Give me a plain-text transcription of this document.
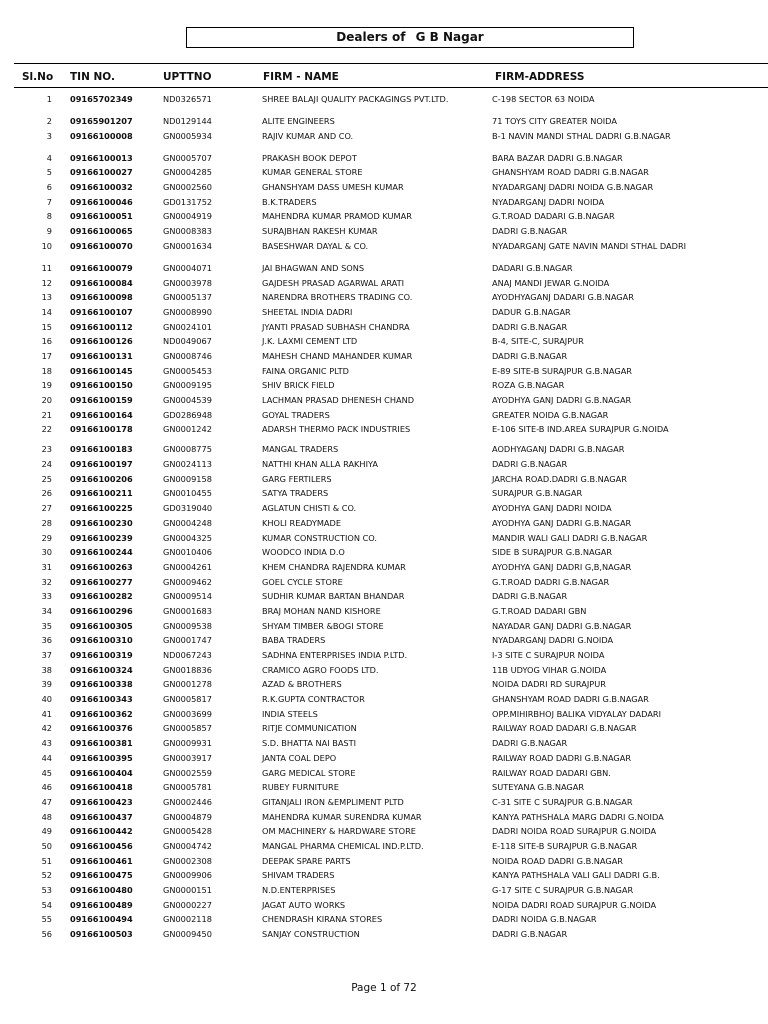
Dealers of G B Nagar
Sl.No TIN NO.	UPTTNO	FIRM - NAME	FIRM-ADDRESS
1 09165702349	ND0326571	SHREE BALAJI QUALITY PACKAGINGS PVT.LTD.	C-198 SECTOR 63 NOIDA
2 09165901207	ND0129144	ALITE ENGINEERS	71 TOYS CITY GREATER NOIDA
3 09166100008	GN0005934	RAJIV KUMAR AND CO.	B-1 NAVIN MANDI STHAL DADRI G.B.NAGAR
4 09166100013	GN0005707	PRAKASH BOOK DEPOT	BARA BAZAR DADRI G.B.NAGAR
5 09166100027	GN0004285	KUMAR GENERAL STORE	GHANSHYAM ROAD DADRI G.B.NAGAR
6 09166100032	GN0002560	GHANSHYAM DASS UMESH KUMAR	NYADARGANJ DADRI NOIDA G.B.NAGAR
7 09166100046	GD0131752	B.K.TRADERS	NYADARGANJ DADRI NOIDA
8 09166100051	GN0004919	MAHENDRA KUMAR PRAMOD KUMAR	G.T.ROAD DADARI G.B.NAGAR
9 09166100065	GN0008383	SURAJBHAN RAKESH KUMAR	DADRI G.B.NAGAR
10 09166100070	GN0001634	BASESHWAR DAYAL & CO.	NYADARGANJ GATE NAVIN MANDI STHAL DADRI
11 09166100079	GN0004071	JAI BHAGWAN AND SONS	DADARI G.B.NAGAR
12 09166100084	GN0003978	GAJDESH PRASAD AGARWAL ARATI	ANAJ MANDI JEWAR G.NOIDA
13 09166100098	GN0005137	NARENDRA BROTHERS TRADING CO.	AYODHYAGANJ DADARI G.B.NAGAR
14 09166100107	GN0008990	SHEETAL INDIA DADRI	DADUR G.B.NAGAR
15 09166100112	GN0024101	JYANTI PRASAD SUBHASH CHANDRA	DADRI G.B.NAGAR
16 09166100126	ND0049067	J.K. LAXMI CEMENT LTD	B-4, SITE-C, SURAJPUR
17 09166100131	GN0008746	MAHESH CHAND MAHANDER KUMAR	DADRI G.B.NAGAR
18 09166100145	GN0005453	FAINA ORGANIC PLTD	E-89 SITE-B SURAJPUR G.B.NAGAR
19 09166100150	GN0009195	SHIV BRICK FIELD	ROZA G.B.NAGAR
20 09166100159	GN0004539	LACHMAN PRASAD DHENESH CHAND	AYODHYA GANJ DADRI G.B.NAGAR
21 09166100164	GD0286948	GOYAL TRADERS	GREATER NOIDA G.B.NAGAR
22 09166100178	GN0001242	ADARSH THERMO PACK INDUSTRIES	E-106 SITE-B IND.AREA SURAJPUR G.NOIDA
23 09166100183	GN0008775	MANGAL TRADERS	AODHYAGANJ DADRI G.B.NAGAR
24 09166100197	GN0024113	NATTHI KHAN ALLA RAKHIYA	DADRI G.B.NAGAR
25 09166100206	GN0009158	GARG FERTILERS	JARCHA ROAD.DADRI G.B.NAGAR
26 09166100211	GN0010455	SATYA TRADERS	SURAJPUR G.B.NAGAR
27 09166100225	GD0319040	AGLATUN CHISTI & CO.	AYODHYA GANJ DADRI NOIDA
28 09166100230	GN0004248	KHOLI READYMADE	AYODHYA GANJ DADRI G.B.NAGAR
29 09166100239	GN0004325	KUMAR CONSTRUCTION CO.	MANDIR WALI GALI DADRI G.B.NAGAR
30 09166100244	GN0010406	WOODCO INDIA D.O	SIDE B SURAJPUR G.B.NAGAR
31 09166100263	GN0004261	KHEM CHANDRA RAJENDRA KUMAR	AYODHYA GANJ DADRI G,B,NAGAR
32 09166100277	GN0009462	GOEL CYCLE STORE	G.T.ROAD DADRI G.B.NAGAR
33 09166100282	GN0009514	SUDHIR KUMAR BARTAN BHANDAR	DADRI G.B.NAGAR
34 09166100296	GN0001683	BRAJ MOHAN NAND KISHORE	G.T.ROAD DADARI GBN
35 09166100305	GN0009538	SHYAM TIMBER &BOGI STORE	NAYADAR GANJ DADRI G.B.NAGAR
36 09166100310	GN0001747	BABA TRADERS	NYADARGANJ DADRI G.NOIDA
37 09166100319	ND0067243	SADHNA ENTERPRISES INDIA P.LTD.	I-3 SITE C SURAJPUR NOIDA
38 09166100324	GN0018836	CRAMICO AGRO FOODS LTD.	11B UDYOG VIHAR G.NOIDA
39 09166100338	GN0001278	AZAD & BROTHERS	NOIDA DADRI RD SURAJPUR
40 09166100343	GN0005817	R.K.GUPTA CONTRACTOR	GHANSHYAM ROAD DADRI G.B.NAGAR
41 09166100362	GN0003699	INDIA STEELS	OPP.MIHIRBHOJ BALIKA VIDYALAY DADARI
42 09166100376	GN0005857	RITJE COMMUNICATION	RAILWAY ROAD DADARI G.B.NAGAR
43 09166100381	GN0009931	S.D. BHATTA NAI BASTI	DADRI G.B.NAGAR
44 09166100395	GN0003917	JANTA COAL DEPO	RAILWAY ROAD DADRI G.B.NAGAR
45 09166100404	GN0002559	GARG MEDICAL STORE	RAILWAY ROAD DADARI GBN.
46 09166100418	GN0005781	RUBEY FURNITURE	SUTEYANA G.B.NAGAR
47 09166100423	GN0002446	GITANJALI IRON &EMPLIMENT PLTD	C-31 SITE C SURAJPUR G.B.NAGAR
48 09166100437	GN0004879	MAHENDRA KUMAR SURENDRA KUMAR	KANYA PATHSHALA MARG DADRI G.NOIDA
49 09166100442	GN0005428	OM MACHINERY & HARDWARE STORE	DADRI NOIDA ROAD SURAJPUR G.NOIDA
50 09166100456	GN0004742	MANGAL PHARMA CHEMICAL IND.P.LTD.	E-118 SITE-B SURAJPUR G.B.NAGAR
51 09166100461	GN0002308	DEEPAK SPARE PARTS	NOIDA ROAD DADRI G.B.NAGAR
52 09166100475	GN0009906	SHIVAM TRADERS	KANYA PATHSHALA VALI GALI DADRI G.B.
53 09166100480	GN0000151	N.D.ENTERPRISES	G-17 SITE C SURAJPUR G.B.NAGAR
54 09166100489	GN0000227	JAGAT AUTO WORKS	NOIDA DADRI ROAD SURAJPUR G.NOIDA
55 09166100494	GN0002118	CHENDRASH KIRANA STORES	DADRI NOIDA G.B.NAGAR
56 09166100503	GN0009450	SANJAY CONSTRUCTION	DADRI G.B.NAGAR
Page 1 of 72
